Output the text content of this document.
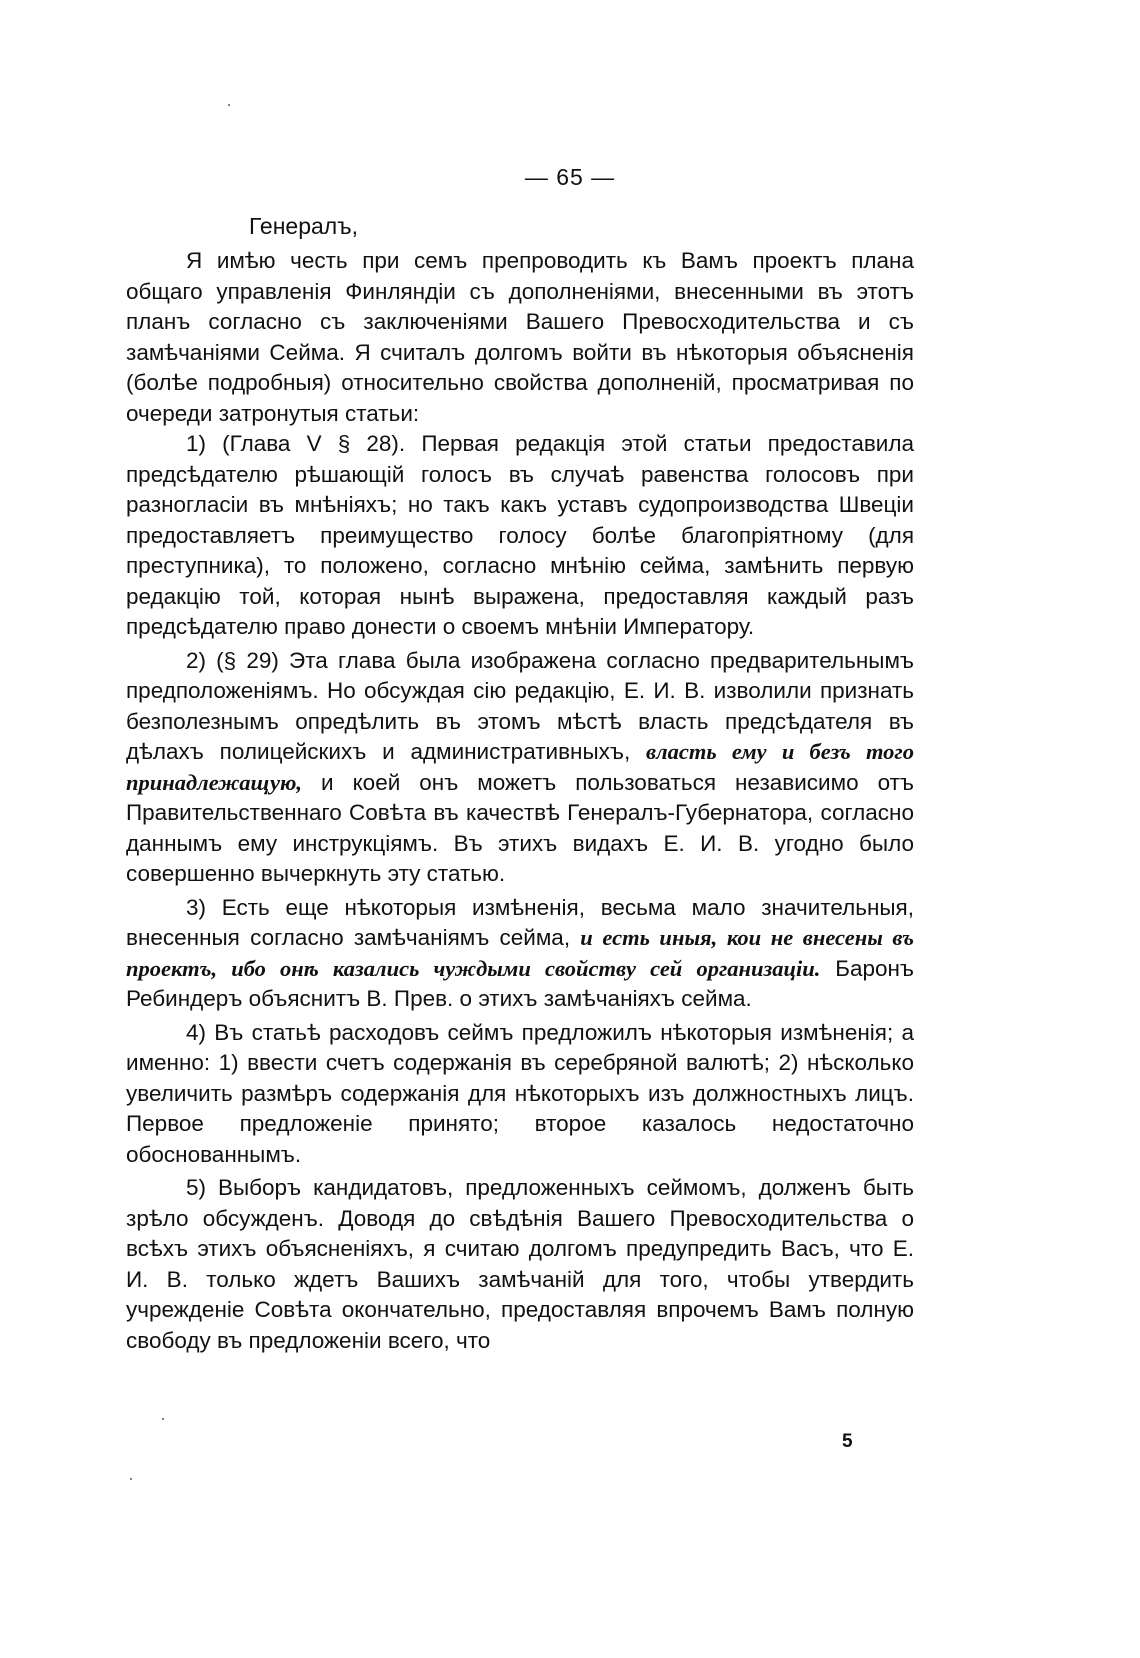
— 65 —
Генералъ,

Я имѣю честь при семъ препроводить къ Вамъ проектъ плана общаго управленія Финляндіи съ дополненіями, внесенными въ этотъ планъ согласно съ заключеніями Вашего Превосходительства и съ замѣчаніями Сейма. Я считалъ долгомъ войти въ нѣкоторыя объясненія (болѣе подробныя) относительно свойства дополненій, просматривая по очереди затронутыя статьи:

1) (Глава V § 28). Первая редакція этой статьи предоставила предсѣдателю рѣшающій голосъ въ случаѣ равенства голосовъ при разногласіи въ мнѣніяхъ; но такъ какъ уставъ судопроизводства Швеціи предоставляетъ преимущество голосу болѣе благопріятному (для преступника), то положено, согласно мнѣнію сейма, замѣнить первую редакцію той, которая нынѣ выражена, предоставляя каждый разъ предсѣдателю право донести о своемъ мнѣніи Императору.

2) (§ 29) Эта глава была изображена согласно предварительнымъ предположеніямъ. Но обсуждая сію редакцію, Е. И. В. изволили признать безполезнымъ опредѣлить въ этомъ мѣстѣ власть предсѣдателя въ дѣлахъ полицейскихъ и административныхъ, власть ему и безъ того принадлежащую, и коей онъ можетъ пользоваться независимо отъ Правительственнаго Совѣта въ качествѣ Генералъ-Губернатора, согласно даннымъ ему инструкціямъ. Въ этихъ видахъ Е. И. В. угодно было совершенно вычеркнуть эту статью.

3) Есть еще нѣкоторыя измѣненія, весьма мало значительныя, внесенныя согласно замѣчаніямъ сейма, и есть иныя, кои не внесены въ проектъ, ибо онѣ казались чуждыми свойству сей организаціи. Баронъ Ребиндеръ объяснитъ В. Прев. о этихъ замѣчаніяхъ сейма.

4) Въ статьѣ расходовъ сеймъ предложилъ нѣкоторыя измѣненія; а именно: 1) ввести счетъ содержанія въ серебряной валютѣ; 2) нѣсколько увеличить размѣръ содержанія для нѣкоторыхъ изъ должностныхъ лицъ. Первое предложеніе принято; второе казалось недостаточно обоснованнымъ.

5) Выборъ кандидатовъ, предложенныхъ сеймомъ, долженъ быть зрѣло обсужденъ. Доводя до свѣдѣнія Вашего Превосходительства о всѣхъ этихъ объясненіяхъ, я считаю долгомъ предупредить Васъ, что Е. И. В. только ждетъ Вашихъ замѣчаній для того, чтобы утвердить учрежденіе Совѣта окончательно, предоставляя впрочемъ Вамъ полную свободу въ предложеніи всего, что

5
